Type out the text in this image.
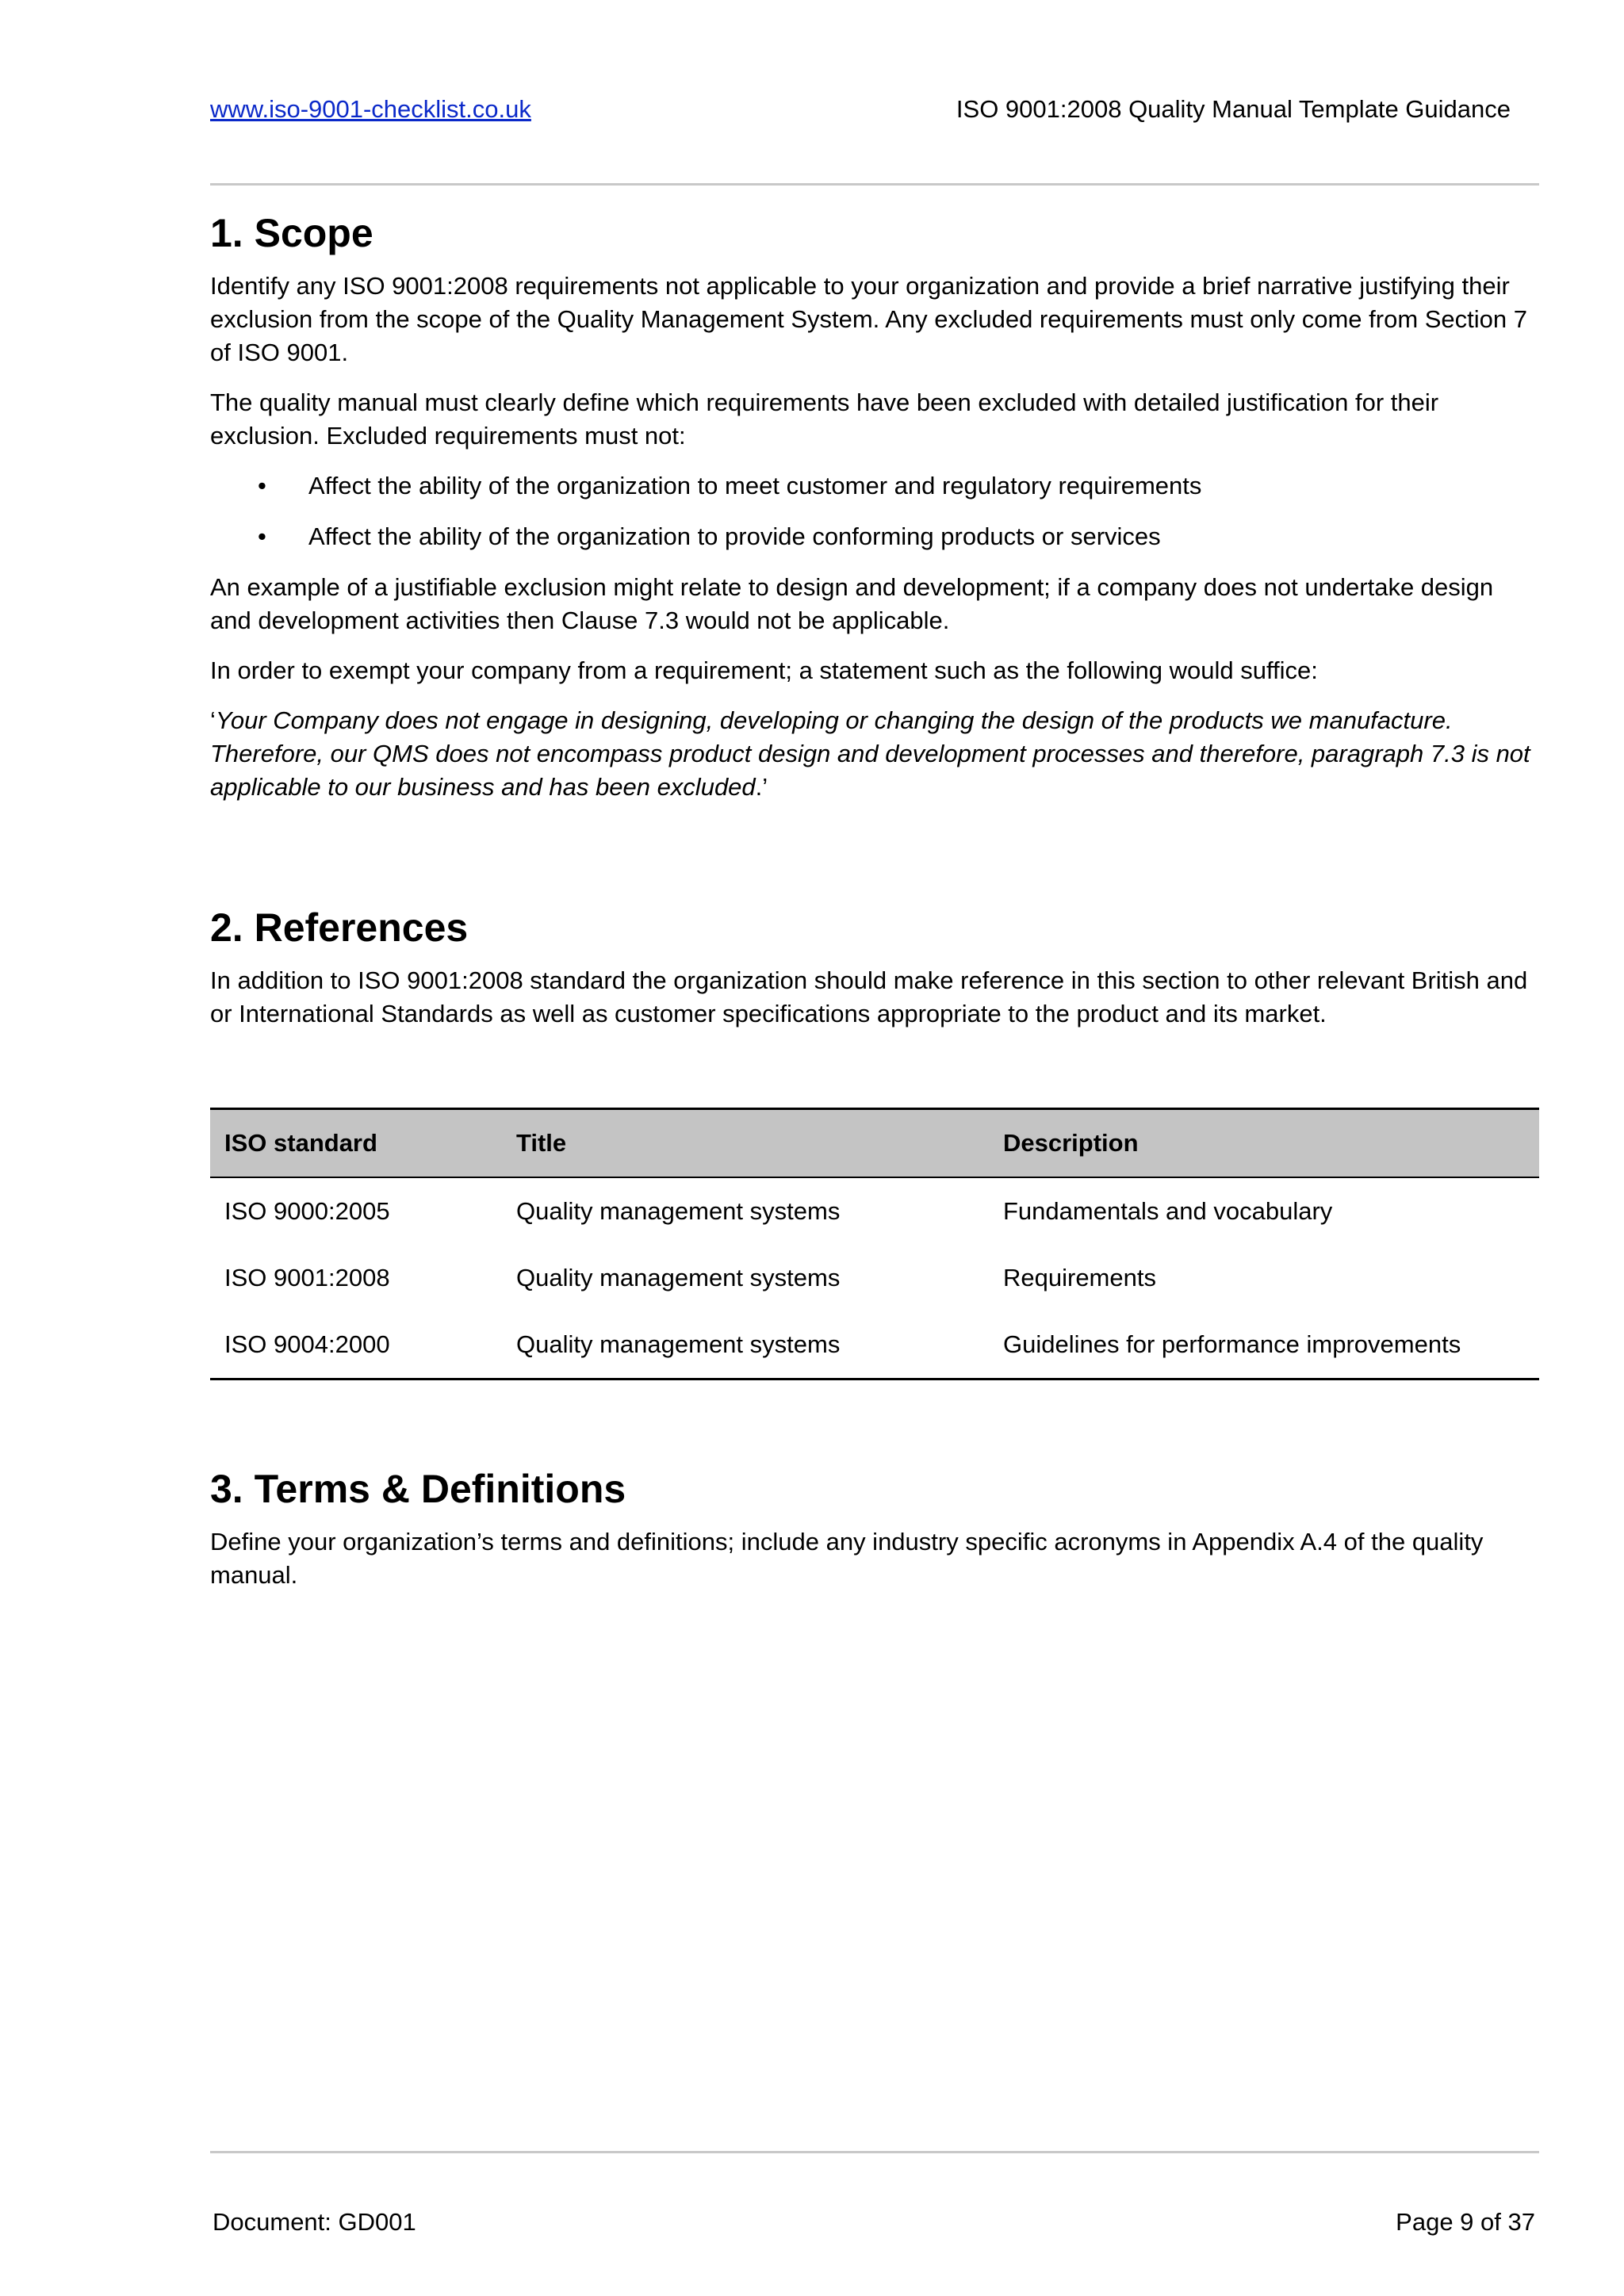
www.iso-9001-checklist.co.uk	ISO 9001:2008 Quality Manual Template Guidance
1. Scope

Identify any ISO 9001:2008 requirements not applicable to your organization and provide a brief narrative justifying their exclusion from the scope of the Quality Management System. Any excluded requirements must only come from Section 7 of ISO 9001.

The quality manual must clearly define which requirements have been excluded with detailed justification for their exclusion. Excluded requirements must not:

• Affect the ability of the organization to meet customer and regulatory requirements
• Affect the ability of the organization to provide conforming products or services

An example of a justifiable exclusion might relate to design and development; if a company does not undertake design and development activities then Clause 7.3 would not be applicable.

In order to exempt your company from a requirement; a statement such as the following would suffice:

‘Your Company does not engage in designing, developing or changing the design of the products we manufacture. Therefore, our QMS does not encompass product design and development processes and therefore, paragraph 7.3 is not applicable to our business and has been excluded.’

2. References

In addition to ISO 9001:2008 standard the organization should make reference in this section to other relevant British and or International Standards as well as customer specifications appropriate to the product and its market.

ISO standard	Title	Description
ISO 9000:2005	Quality management systems	Fundamentals and vocabulary
ISO 9001:2008	Quality management systems	Requirements
ISO 9004:2000	Quality management systems	Guidelines for performance improvements
3. Terms & Definitions

Define your organization’s terms and definitions; include any industry specific acronyms in Appendix A.4 of the quality manual.

Document: GD001	Page 9 of 37
